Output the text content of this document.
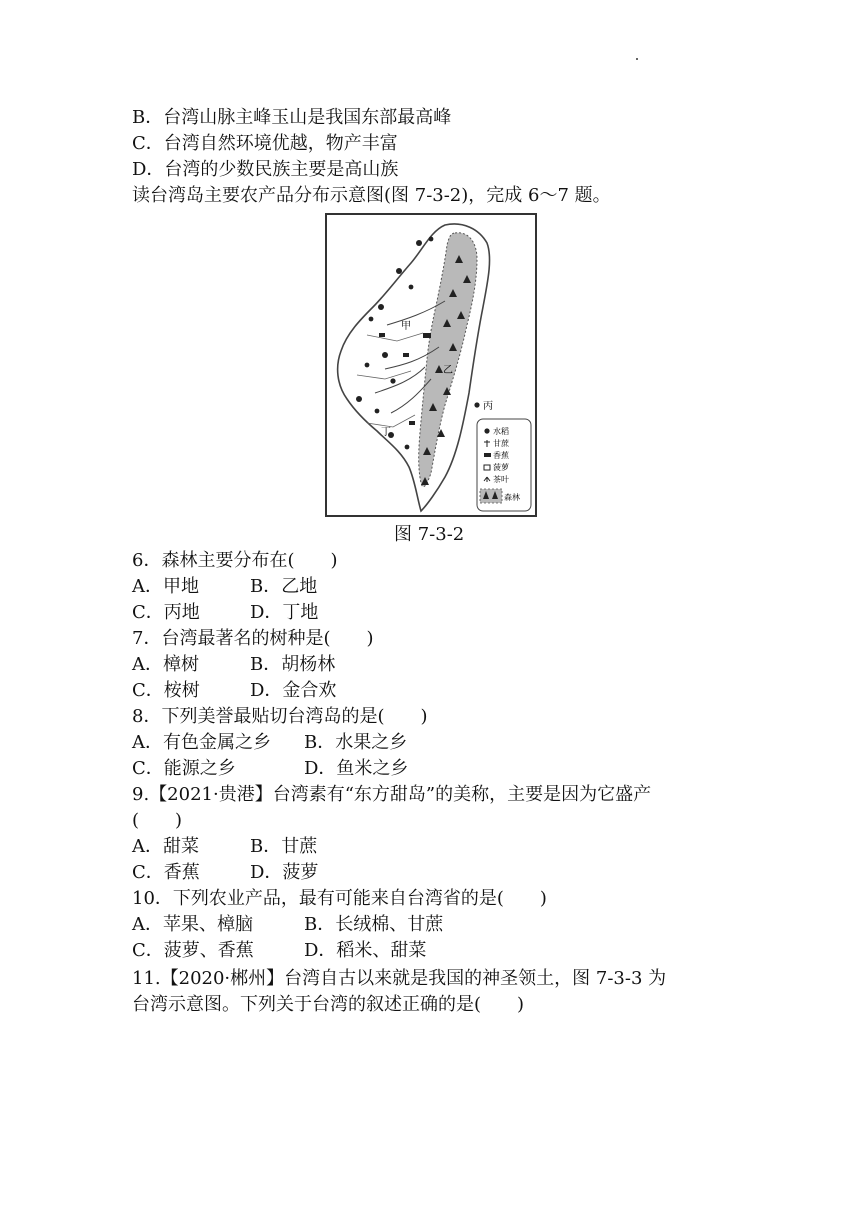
B．台湾山脉主峰玉山是我国东部最高峰
C．台湾自然环境优越，物产丰富
D．台湾的少数民族主要是高山族
读台湾岛主要农产品分布示意图(图 7-3-2)，完成 6～7 题。
甲
乙
丙
丁	水稻
甘蔗
香蕉
菠萝
茶叶
森林
图 7-3-2
6．森林主要分布在(　　)
A．甲地	B．乙地
C．丙地	D．丁地
7．台湾最著名的树种是(　　)
A．樟树	B．胡杨林
C．桉树	D．金合欢
8．下列美誉最贴切台湾岛的是(　　)
A．有色金属之乡 B．水果之乡
C．能源之乡	D．鱼米之乡
9.【2021·贵港】台湾素有“东方甜岛”的美称，主要是因为它盛产
(　　)
A．甜菜	B．甘蔗
C．香蕉	D．菠萝
10．下列农业产品，最有可能来自台湾省的是(　　)
A．苹果、樟脑	B．长绒棉、甘蔗
C．菠萝、香蕉	D．稻米、甜菜
11.【2020·郴州】台湾自古以来就是我国的神圣领土，图 7-3-3 为
台湾示意图。下列关于台湾的叙述正确的是(　　)
